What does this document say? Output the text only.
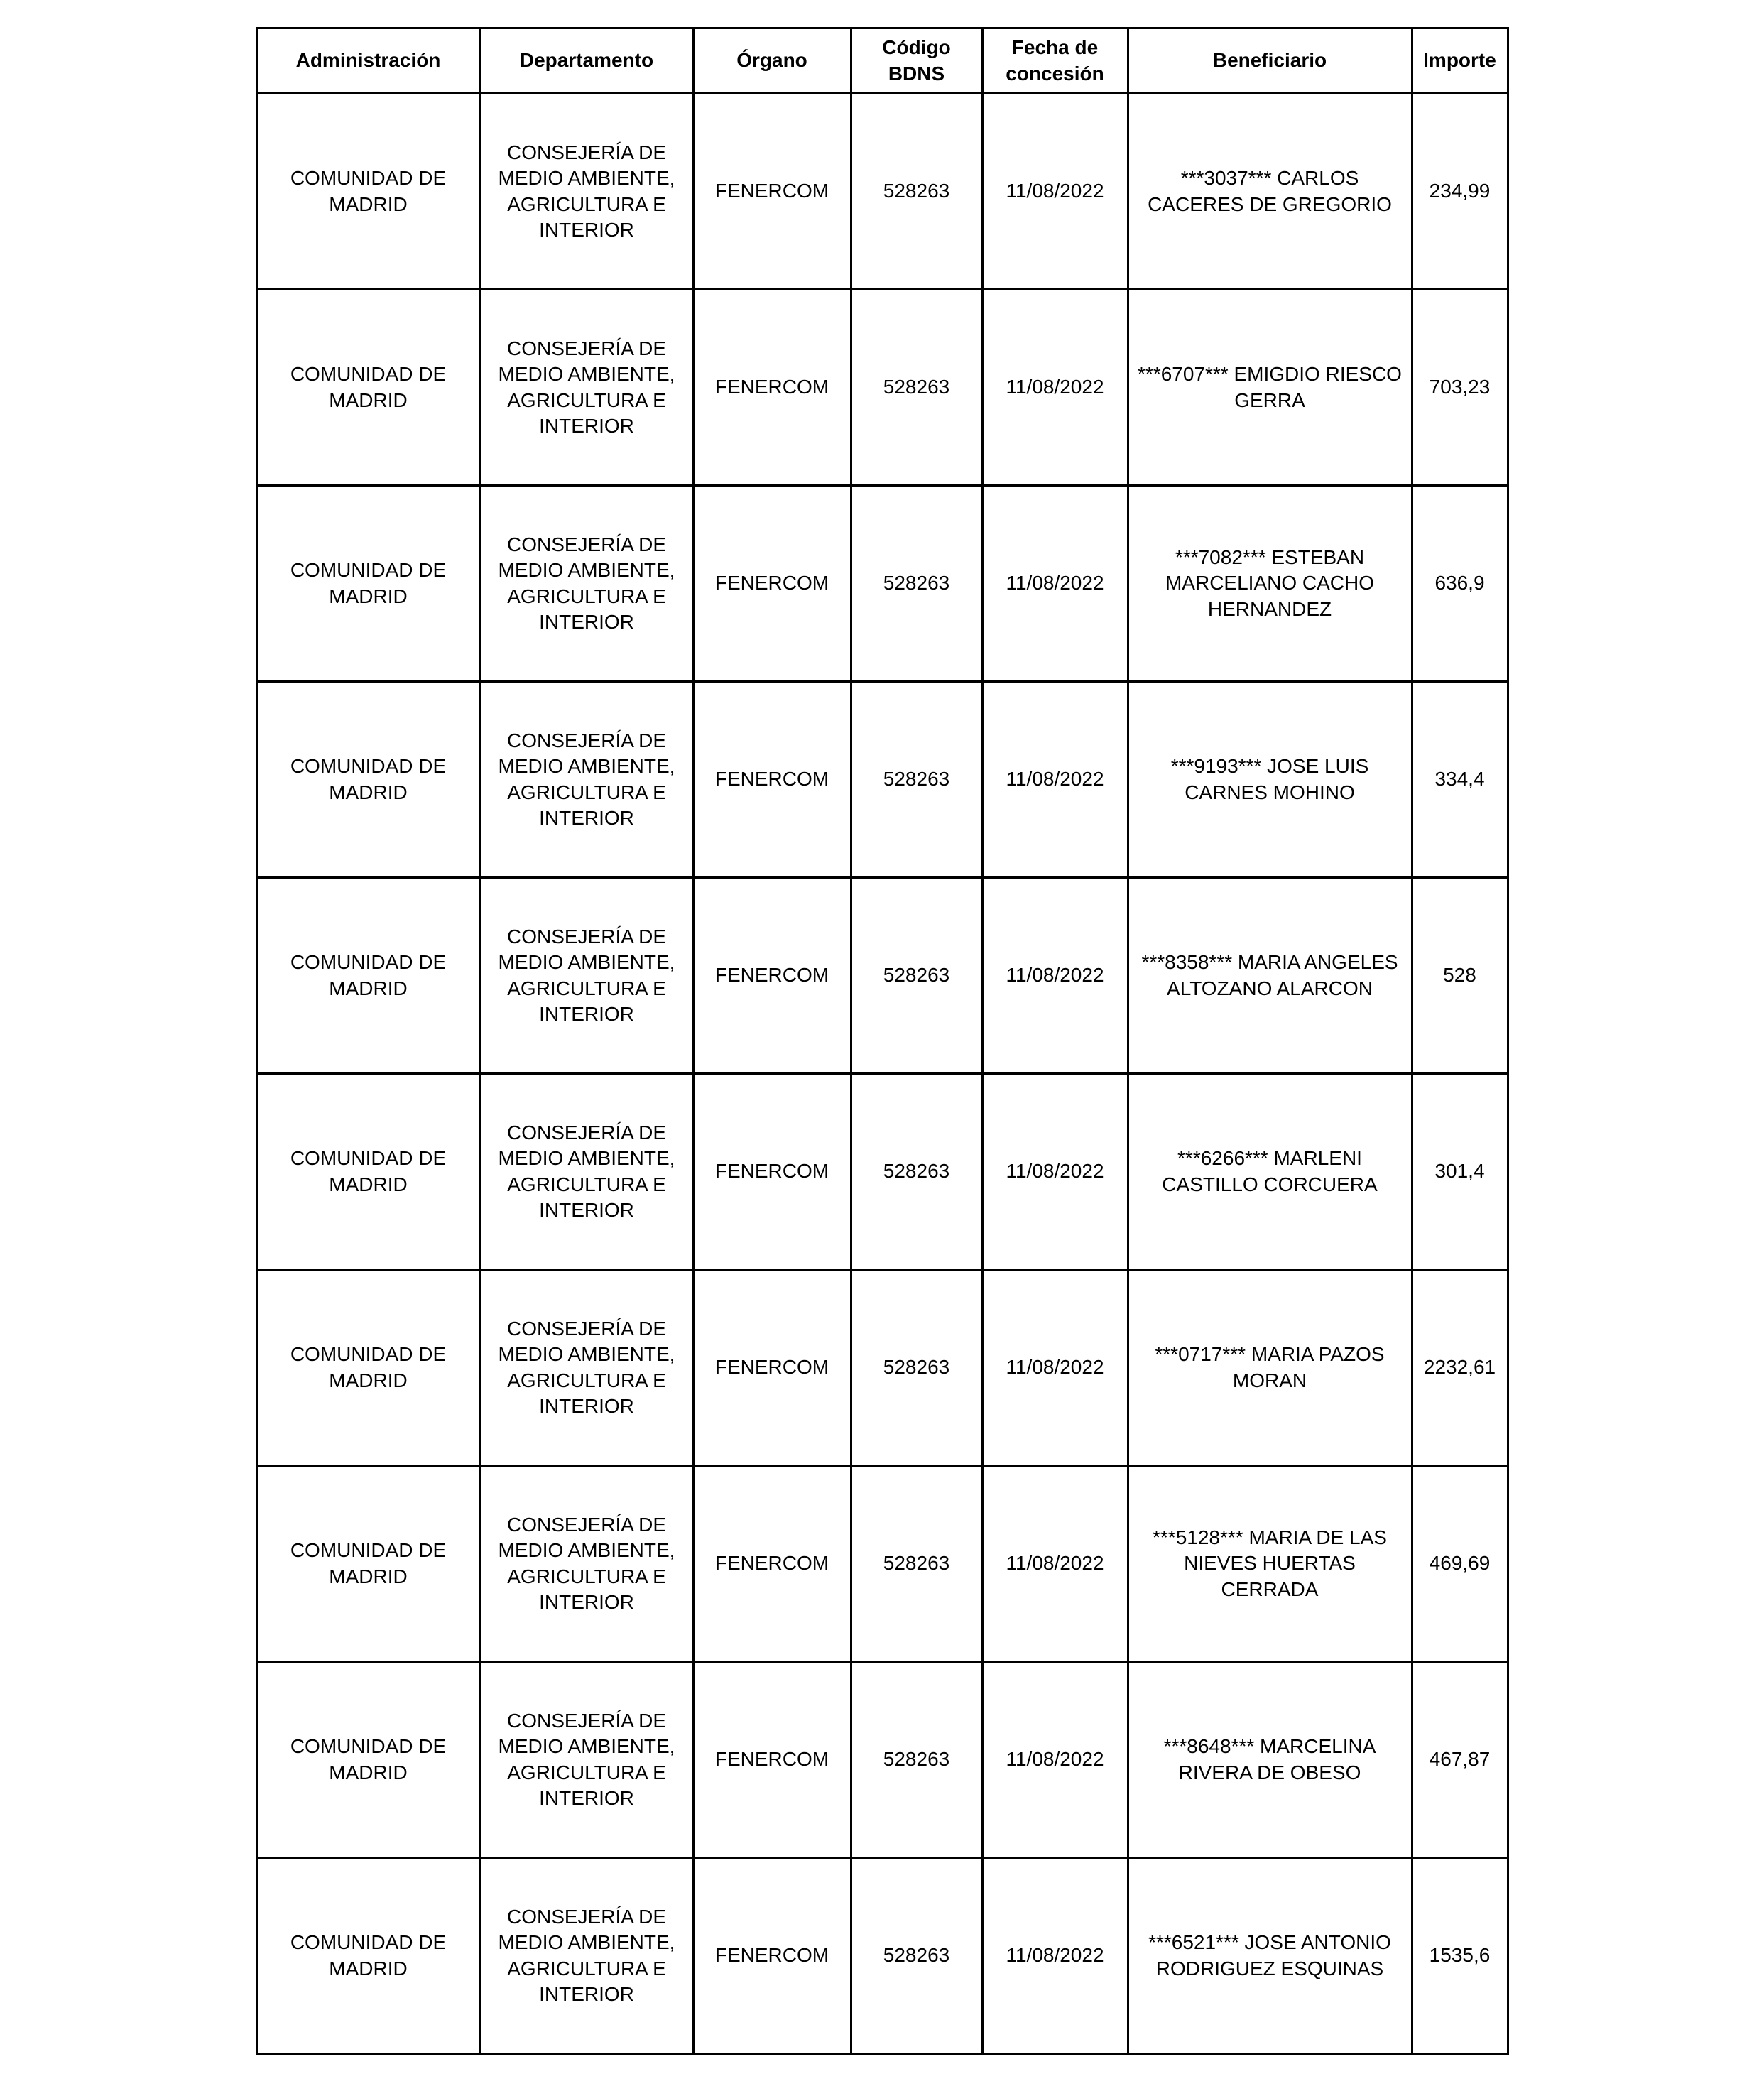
Administración	Departamento	Órgano	Código BDNS	Fecha de concesión	Beneficiario	Importe
COMUNIDAD DE MADRID	CONSEJERÍA DE MEDIO AMBIENTE, AGRICULTURA E INTERIOR	FENERCOM	528263	11/08/2022	***3037*** CARLOS CACERES DE GREGORIO	234,99
COMUNIDAD DE MADRID	CONSEJERÍA DE MEDIO AMBIENTE, AGRICULTURA E INTERIOR	FENERCOM	528263	11/08/2022	***6707*** EMIGDIO RIESCO GERRA	703,23
COMUNIDAD DE MADRID	CONSEJERÍA DE MEDIO AMBIENTE, AGRICULTURA E INTERIOR	FENERCOM	528263	11/08/2022	***7082*** ESTEBAN MARCELIANO CACHO HERNANDEZ	636,9
COMUNIDAD DE MADRID	CONSEJERÍA DE MEDIO AMBIENTE, AGRICULTURA E INTERIOR	FENERCOM	528263	11/08/2022	***9193*** JOSE LUIS CARNES MOHINO	334,4
COMUNIDAD DE MADRID	CONSEJERÍA DE MEDIO AMBIENTE, AGRICULTURA E INTERIOR	FENERCOM	528263	11/08/2022	***8358*** MARIA ANGELES ALTOZANO ALARCON	528
COMUNIDAD DE MADRID	CONSEJERÍA DE MEDIO AMBIENTE, AGRICULTURA E INTERIOR	FENERCOM	528263	11/08/2022	***6266*** MARLENI CASTILLO CORCUERA	301,4
COMUNIDAD DE MADRID	CONSEJERÍA DE MEDIO AMBIENTE, AGRICULTURA E INTERIOR	FENERCOM	528263	11/08/2022	***0717*** MARIA PAZOS MORAN	2232,61
COMUNIDAD DE MADRID	CONSEJERÍA DE MEDIO AMBIENTE, AGRICULTURA E INTERIOR	FENERCOM	528263	11/08/2022	***5128*** MARIA DE LAS NIEVES HUERTAS CERRADA	469,69
COMUNIDAD DE MADRID	CONSEJERÍA DE MEDIO AMBIENTE, AGRICULTURA E INTERIOR	FENERCOM	528263	11/08/2022	***8648*** MARCELINA RIVERA DE OBESO	467,87
COMUNIDAD DE MADRID	CONSEJERÍA DE MEDIO AMBIENTE, AGRICULTURA E INTERIOR	FENERCOM	528263	11/08/2022	***6521*** JOSE ANTONIO RODRIGUEZ ESQUINAS	1535,6
